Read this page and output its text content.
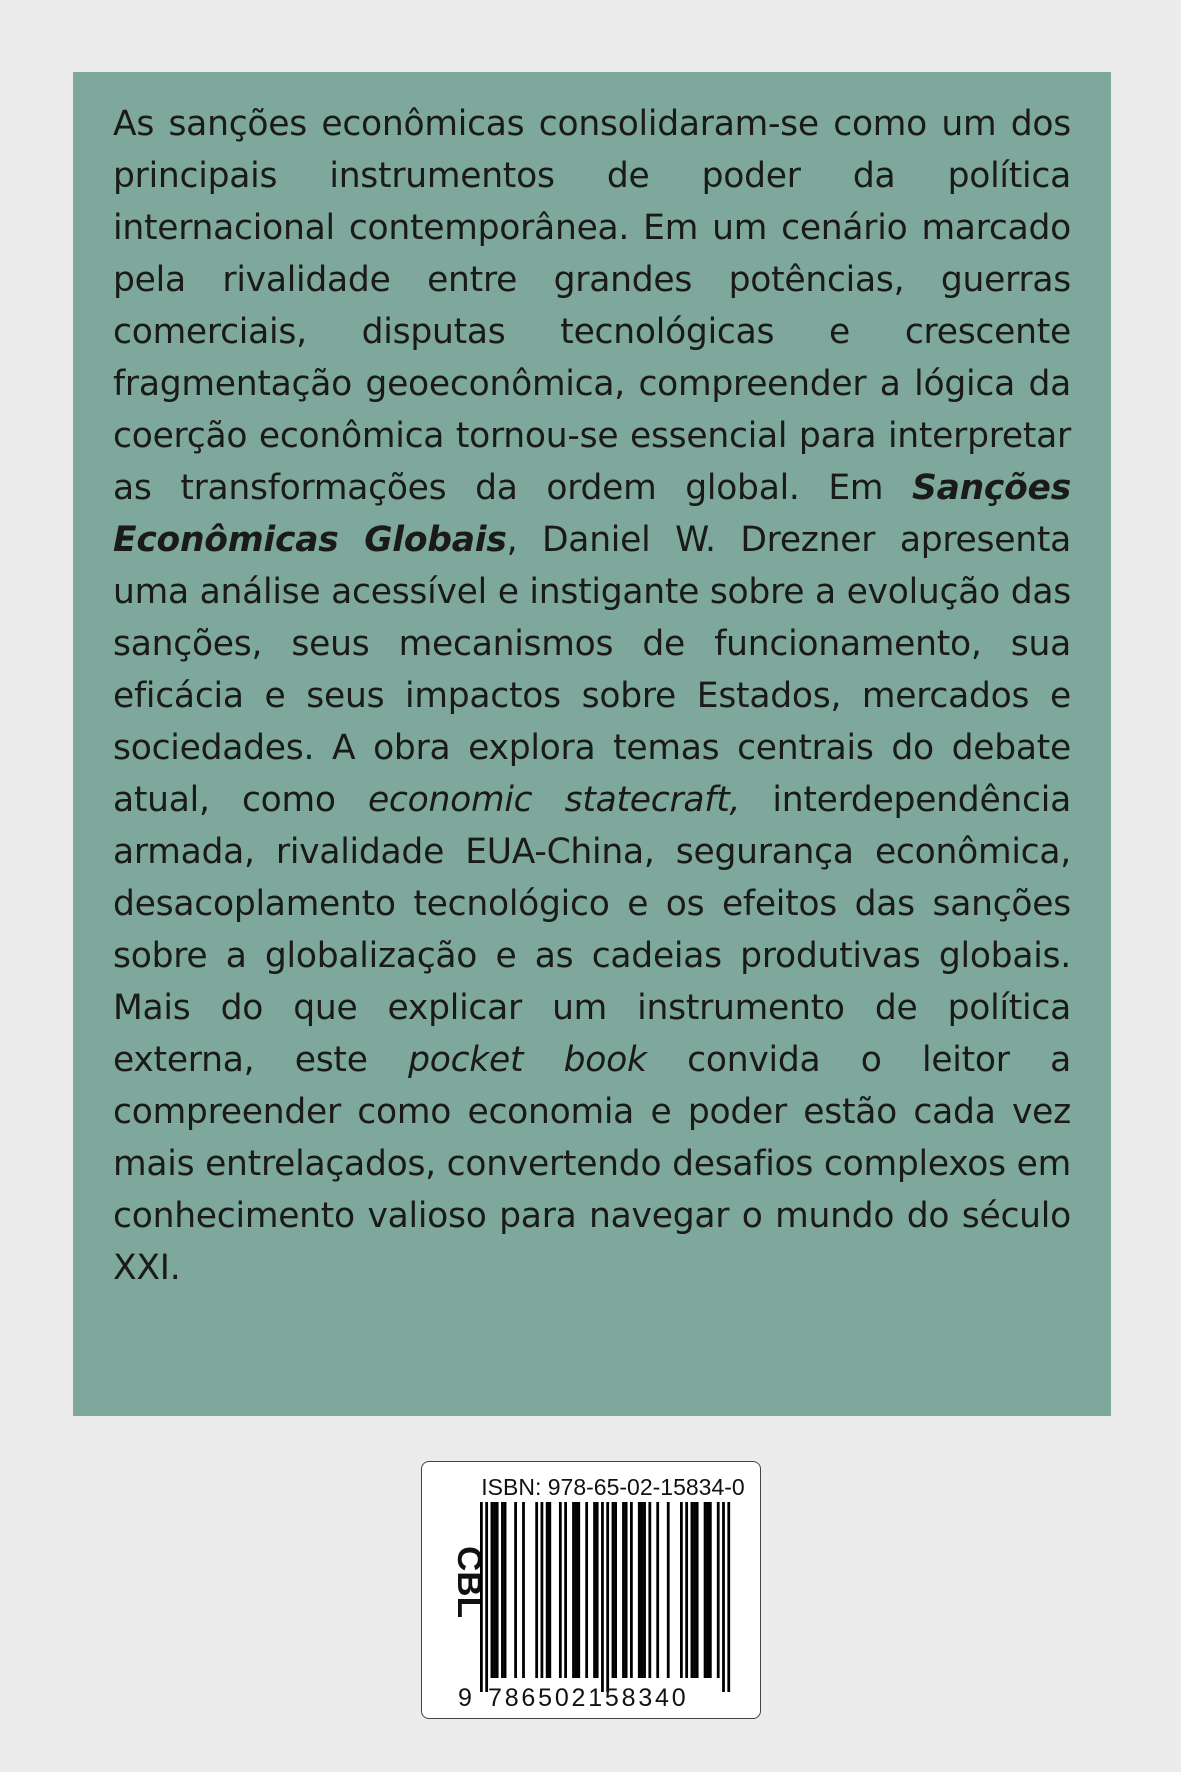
As sanções econômicas consolidaram-se como um dos principais instrumentos de poder da política internacional contemporânea. Em um cenário marcado pela rivalidade entre grandes potências, guerras comerciais, disputas tecnológicas e crescente fragmentação geoeconômica, compreender a lógica da coerção econômica tornou-se essencial para interpretar as transformações da ordem global. Em Sanções Econômicas Globais, Daniel W. Drezner apresenta uma análise acessível e instigante sobre a evolução das sanções, seus mecanismos de funcionamento, sua eficácia e seus impactos sobre Estados, mercados e sociedades. A obra explora temas centrais do debate atual, como economic statecraft, interdependência armada, rivalidade EUA-China, segurança econômica, desacoplamento tecnológico e os efeitos das sanções sobre a globalização e as cadeias produtivas globais. Mais do que explicar um instrumento de política externa, este pocket book convida o leitor a compreender como economia e poder estão cada vez mais entrelaçados, convertendo desafios complexos em conhecimento valioso para navegar o mundo do século XXI.

ISBN: 978-65-02-15834-0
CBL
9 786502158340
